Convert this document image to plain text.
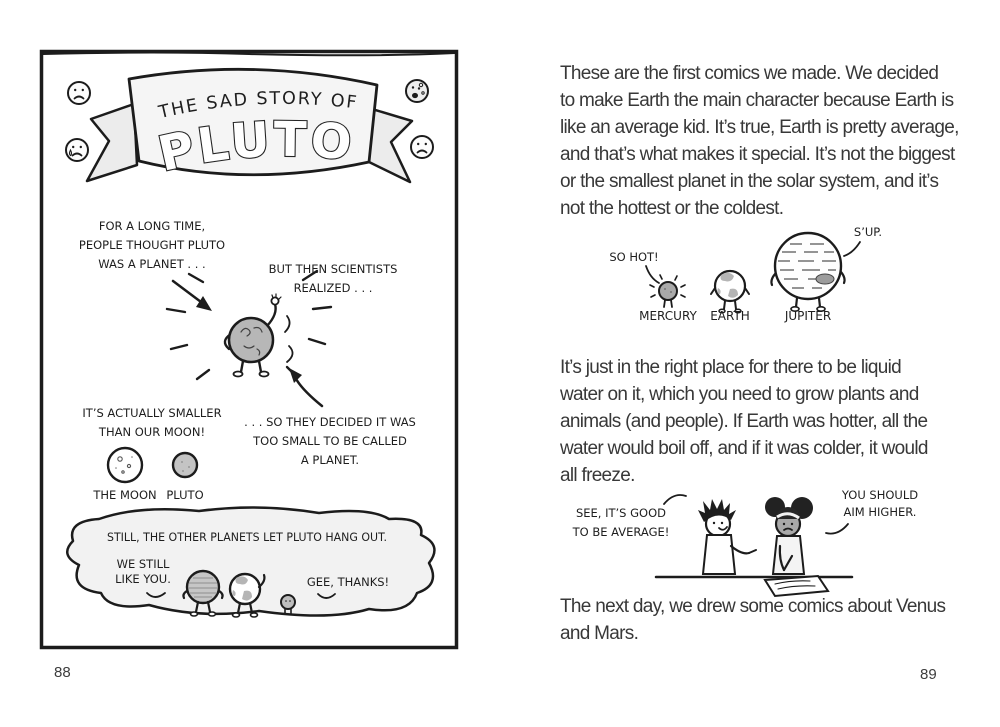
THE SAD STORY OF
PLUTO
FOR A LONG TIME,
PEOPLE THOUGHT PLUTO
WAS A PLANET . . .	BUT THEN SCIENTISTS
REALIZED . . .
IT’S ACTUALLY SMALLER
THAN OUR MOON!
. . . SO THEY DECIDED IT WAS
TOO SMALL TO BE CALLED
A PLANET.
THE MOON PLUTO
STILL, THE OTHER PLANETS LET PLUTO HANG OUT.
WE STILL
LIKE YOU.	GEE, THANKS!
88
These are the first comics we made. We decided
to make Earth the main character because Earth is
like an average kid. It’s true, Earth is pretty average,
and that’s what makes it special. It’s not the biggest
or the smallest planet in the solar system, and it’s
not the hottest or the coldest.
SO HOT!
MERCURY EARTH	JUPITER
S’UP.
It’s just in the right place for there to be liquid
water on it, which you need to grow plants and
animals (and people). If Earth was hotter, all the
water would boil off, and if it was colder, it would
all freeze.
SEE, IT’S GOOD
TO BE AVERAGE!
YOU SHOULD
AIM HIGHER.
The next day, we drew some comics about Venus
and Mars.
89
